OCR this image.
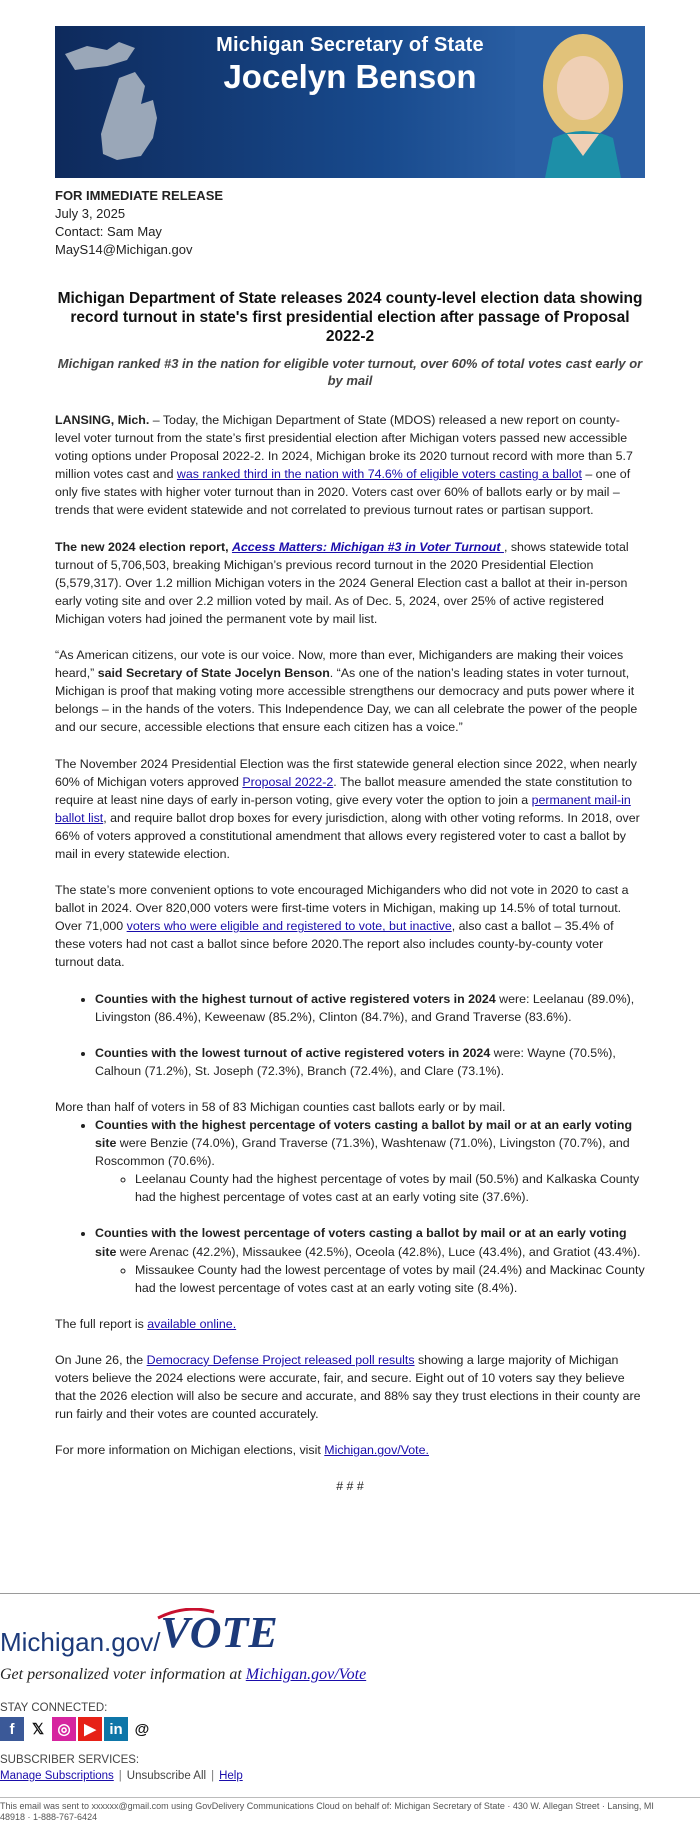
Michigan Secretary of State
Jocelyn Benson
FOR IMMEDIATE RELEASE
July 3, 2025
Contact: Sam May
MayS14@Michigan.gov
Michigan Department of State releases 2024 county-level election data showing record turnout in state's first presidential election after passage of Proposal 2022-2
Michigan ranked #3 in the nation for eligible voter turnout, over 60% of total votes cast early or by mail

LANSING, Mich. – Today, the Michigan Department of State (MDOS) released a new report on county-level voter turnout from the state’s first presidential election after Michigan voters passed new accessible voting options under Proposal 2022-2. In 2024, Michigan broke its 2020 turnout record with more than 5.7 million votes cast and was ranked third in the nation with 74.6% of eligible voters casting a ballot – one of only five states with higher voter turnout than in 2020. Voters cast over 60% of ballots early or by mail – trends that were evident statewide and not correlated to previous turnout rates or partisan support.

The new 2024 election report, Access Matters: Michigan #3 in Voter Turnout , shows statewide total turnout of 5,706,503, breaking Michigan’s previous record turnout in the 2020 Presidential Election (5,579,317). Over 1.2 million Michigan voters in the 2024 General Election cast a ballot at their in-person early voting site and over 2.2 million voted by mail. As of Dec. 5, 2024, over 25% of active registered Michigan voters had joined the permanent vote by mail list.

“As American citizens, our vote is our voice. Now, more than ever, Michiganders are making their voices heard,” said Secretary of State Jocelyn Benson. “As one of the nation’s leading states in voter turnout, Michigan is proof that making voting more accessible strengthens our democracy and puts power where it belongs – in the hands of the voters. This Independence Day, we can all celebrate the power of the people and our secure, accessible elections that ensure each citizen has a voice.”

The November 2024 Presidential Election was the first statewide general election since 2022, when nearly 60% of Michigan voters approved Proposal 2022-2. The ballot measure amended the state constitution to require at least nine days of early in-person voting, give every voter the option to join a permanent mail-in ballot list, and require ballot drop boxes for every jurisdiction, along with other voting reforms. In 2018, over 66% of voters approved a constitutional amendment that allows every registered voter to cast a ballot by mail in every statewide election.

The state’s more convenient options to vote encouraged Michiganders who did not vote in 2020 to cast a ballot in 2024. Over 820,000 voters were first-time voters in Michigan, making up 14.5% of total turnout. Over 71,000 voters who were eligible and registered to vote, but inactive, also cast a ballot – 35.4% of these voters had not cast a ballot since before 2020.The report also includes county-by-county voter turnout data.

• Counties with the highest turnout of active registered voters in 2024 were: Leelanau (89.0%), Livingston (86.4%), Keweenaw (85.2%), Clinton (84.7%), and Grand Traverse (83.6%).
• Counties with the lowest turnout of active registered voters in 2024 were: Wayne (70.5%), Calhoun (71.2%), St. Joseph (72.3%), Branch (72.4%), and Clare (73.1%).
More than half of voters in 58 of 83 Michigan counties cast ballots early or by mail.
• Counties with the highest percentage of voters casting a ballot by mail or at an early voting site were Benzie (74.0%), Grand Traverse (71.3%), Washtenaw (71.0%), Livingston (70.7%), and Roscommon (70.6%).
◦ Leelanau County had the highest percentage of votes by mail (50.5%) and Kalkaska County had the highest percentage of votes cast at an early voting site (37.6%).
• Counties with the lowest percentage of voters casting a ballot by mail or at an early voting site were Arenac (42.2%), Missaukee (42.5%), Oceola (42.8%), Luce (43.4%), and Gratiot (43.4%).
◦ Missaukee County had the lowest percentage of votes by mail (24.4%) and Mackinac County had the lowest percentage of votes cast at an early voting site (8.4%).

The full report is available online.

On June 26, the Democracy Defense Project released poll results showing a large majority of Michigan voters believe the 2024 elections were accurate, fair, and secure. Eight out of 10 voters say they believe that the 2026 election will also be secure and accurate, and 88% say they trust elections in their county are run fairly and their votes are counted accurately.

For more information on Michigan elections, visit Michigan.gov/Vote.

# # #
Michigan.gov/VOTE
Get personalized voter information at Michigan.gov/Vote
STAY CONNECTED:
f 𝕏 ◎ ▶ in @
SUBSCRIBER SERVICES:
Manage Subscriptions | Unsubscribe All | Help
This email was sent to xxxxxx@gmail.com using GovDelivery Communications Cloud on behalf of: Michigan Secretary of State · 430 W. Allegan Street · Lansing, MI 48918 · 1-888-767-6424
